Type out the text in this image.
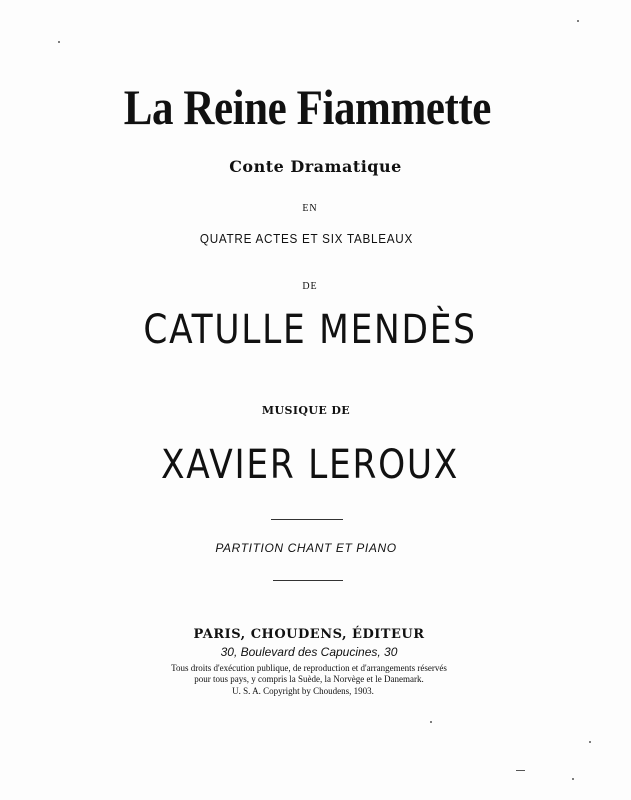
La Reine Fiammette
Conte Dramatique
EN
QUATRE ACTES ET SIX TABLEAUX
DE
CATULLE MENDÈS
MUSIQUE DE
XAVIER LEROUX
PARTITION CHANT ET PIANO
PARIS, CHOUDENS, ÉDITEUR
30, Boulevard des Capucines, 30
Tous droits d'exécution publique, de reproduction et d'arrangements réservés
pour tous pays, y compris la Suède, la Norvège et le Danemark.
U. S. A. Copyright by Choudens, 1903.
